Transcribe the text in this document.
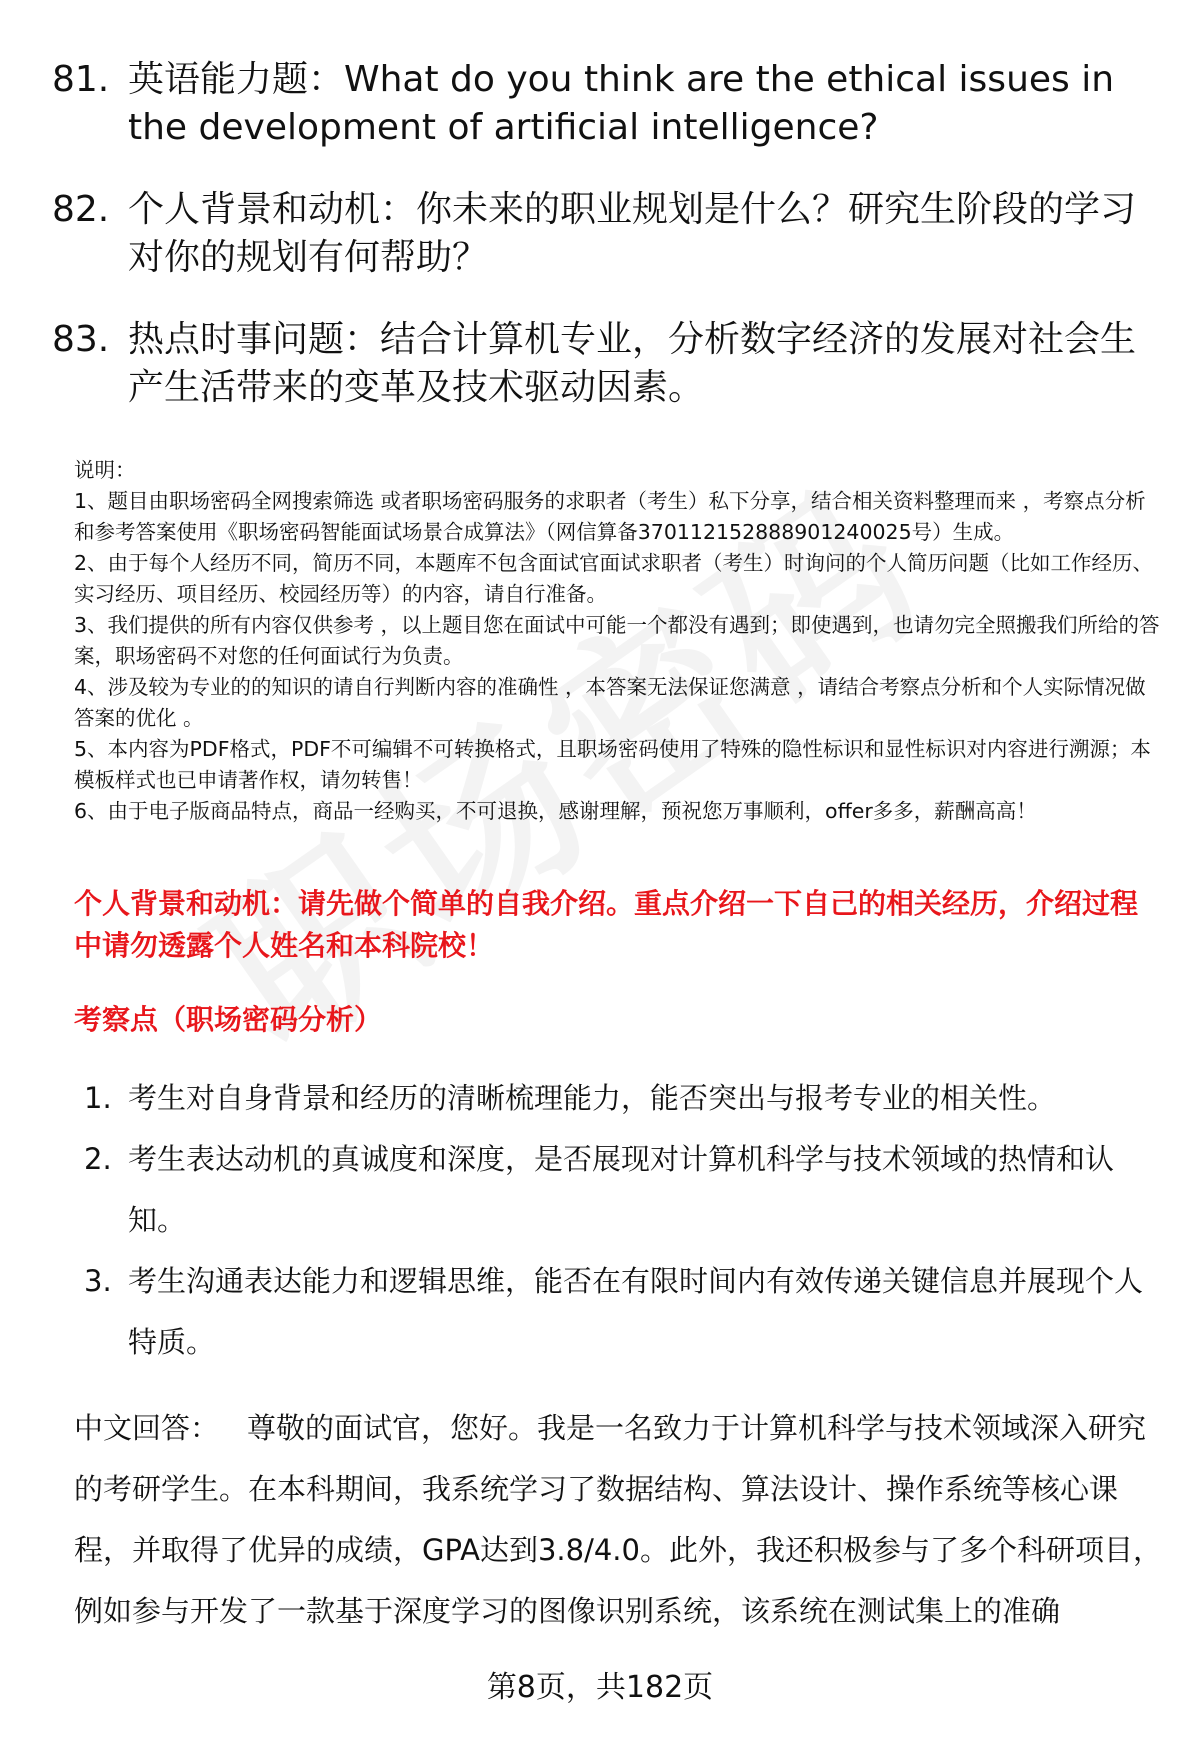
81. 英语能力题：What do you think are the ethical issues in the development of artificial intelligence?
82. 个人背景和动机：你未来的职业规划是什么？研究生阶段的学习对你的规划有何帮助？
83. 热点时事问题：结合计算机专业，分析数字经济的发展对社会生产生活带来的变革及技术驱动因素。

说明：

1、题目由职场密码全网搜索筛选 或者职场密码服务的求职者（考生）私下分享，结合相关资料整理而来 ，考察点分析和参考答案使用《职场密码智能面试场景合成算法》（网信算备370112152888901240025号）生成。

2、由于每个人经历不同，简历不同，本题库不包含面试官面试求职者（考生）时询问的个人简历问题（比如工作经历、实习经历、项目经历、校园经历等）的内容，请自行准备。

3、我们提供的所有内容仅供参考 ，以上题目您在面试中可能一个都没有遇到；即使遇到，也请勿完全照搬我们所给的答案，职场密码不对您的任何面试行为负责。

4、涉及较为专业的的知识的请自行判断内容的准确性 ，本答案无法保证您满意 ，请结合考察点分析和个人实际情况做答案的优化 。

5、本内容为PDF格式，PDF不可编辑不可转换格式，且职场密码使用了特殊的隐性标识和显性标识对内容进行溯源；本模板样式也已申请著作权，请勿转售！

6、由于电子版商品特点，商品一经购买，不可退换，感谢理解，预祝您万事顺利，offer多多，薪酬高高！

个人背景和动机：请先做个简单的自我介绍。重点介绍一下自己的相关经历，介绍过程中请勿透露个人姓名和本科院校！
考察点（职场密码分析）
1. 考生对自身背景和经历的清晰梳理能力，能否突出与报考专业的相关性。
2. 考生表达动机的真诚度和深度，是否展现对计算机科学与技术领域的热情和认知。
3. 考生沟通表达能力和逻辑思维，能否在有限时间内有效传递关键信息并展现个人特质。
中文回答： 尊敬的面试官，您好。我是一名致力于计算机科学与技术领域深入研究的考研学生。在本科期间，我系统学习了数据结构、算法设计、操作系统等核心课程，并取得了优异的成绩，GPA达到3.8/4.0。此外，我还积极参与了多个科研项目，例如参与开发了一款基于深度学习的图像识别系统，该系统在测试集上的准确
第8页，共182页
